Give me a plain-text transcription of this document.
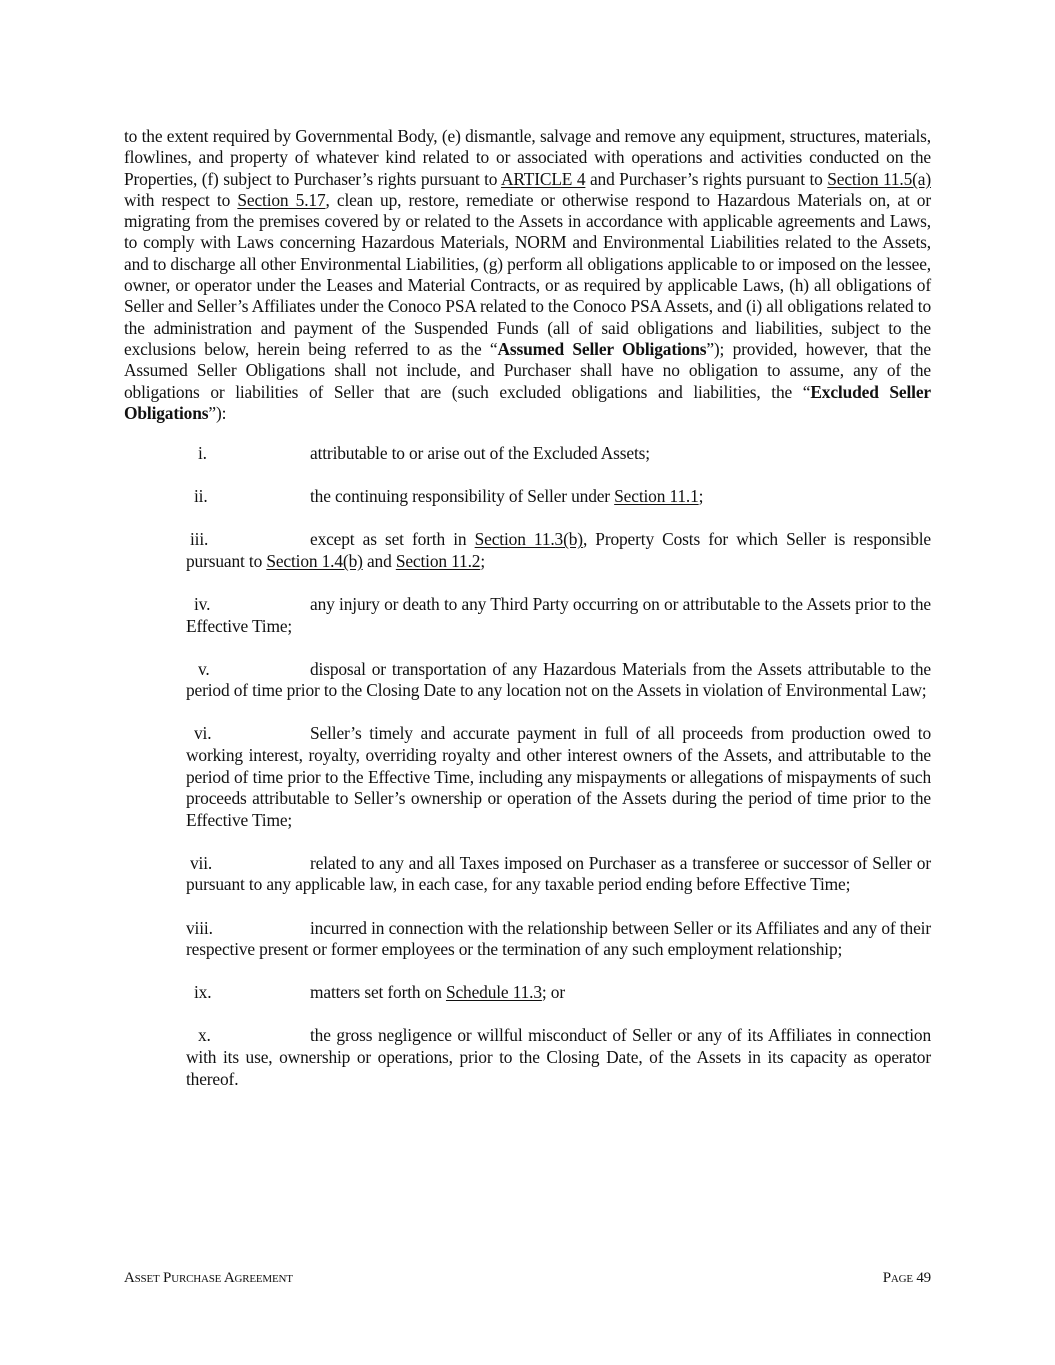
to the extent required by Governmental Body, (e) dismantle, salvage and remove any equipment, structures, materials, flowlines, and property of whatever kind related to or associated with operations and activities conducted on the Properties, (f) subject to Purchaser’s rights pursuant to ARTICLE 4 and Purchaser’s rights pursuant to Section 11.5(a) with respect to Section 5.17, clean up, restore, remediate or otherwise respond to Hazardous Materials on, at or migrating from the premises covered by or related to the Assets in accordance with applicable agreements and Laws, to comply with Laws concerning Hazardous Materials, NORM and Environmental Liabilities related to the Assets, and to discharge all other Environmental Liabilities, (g) perform all obligations applicable to or imposed on the lessee, owner, or operator under the Leases and Material Contracts, or as required by applicable Laws, (h) all obligations of Seller and Seller’s Affiliates under the Conoco PSA related to the Conoco PSA Assets, and (i) all obligations related to the administration and payment of the Suspended Funds (all of said obligations and liabilities, subject to the exclusions below, herein being referred to as the “Assumed Seller Obligations”); provided, however, that the Assumed Seller Obligations shall not include, and Purchaser shall have no obligation to assume, any of the obligations or liabilities of Seller that are (such excluded obligations and liabilities, the “Excluded Seller Obligations”):

i.	attributable to or arise out of the Excluded Assets;

ii.	the continuing responsibility of Seller under Section 11.1;

iii.	except as set forth in Section 11.3(b), Property Costs for which Seller is responsible pursuant to Section 1.4(b) and Section 11.2;

iv.	any injury or death to any Third Party occurring on or attributable to the Assets prior to the Effective Time;

v.	disposal or transportation of any Hazardous Materials from the Assets attributable to the period of time prior to the Closing Date to any location not on the Assets in violation of Environmental Law;

vi.	Seller’s timely and accurate payment in full of all proceeds from production owed to working interest, royalty, overriding royalty and other interest owners of the Assets, and attributable to the period of time prior to the Effective Time, including any mispayments or allegations of mispayments of such proceeds attributable to Seller’s ownership or operation of the Assets during the period of time prior to the Effective Time;

vii.	related to any and all Taxes imposed on Purchaser as a transferee or successor of Seller or pursuant to any applicable law, in each case, for any taxable period ending before Effective Time;

viii.	incurred in connection with the relationship between Seller or its Affiliates and any of their respective present or former employees or the termination of any such employment relationship;

ix.	matters set forth on Schedule 11.3; or

x.	the gross negligence or willful misconduct of Seller or any of its Affiliates in connection with its use, ownership or operations, prior to the Closing Date, of the Assets in its capacity as operator thereof.

Asset Purchase Agreement	Page 49
